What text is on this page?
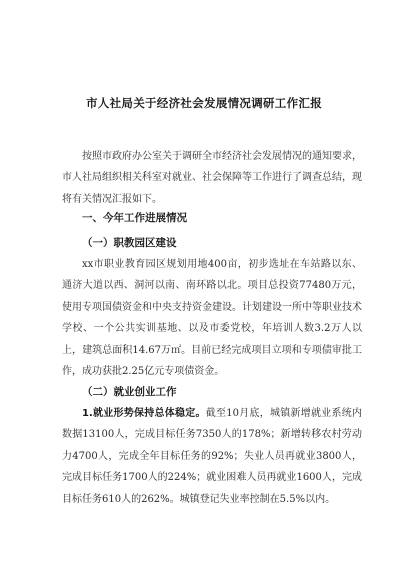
市人社局关于经济社会发展情况调研工作汇报
按照市政府办公室关于调研全市经济社会发展情况的通知要求，市人社局组织相关科室对就业、社会保障等工作进行了调查总结，现将有关情况汇报如下。
一、今年工作进展情况
（一）职教园区建设
xx市职业教育园区规划用地400亩，初步选址在车站路以东、通济大道以西、洞河以南、南环路以北。项目总投资77480万元，使用专项国债资金和中央支持资金建设。计划建设一所中等职业技术学校、一个公共实训基地、以及市委党校，年培训人数3.2万人以上，建筑总面积14.67万㎡。目前已经完成项目立项和专项债审批工作，成功获批2.25亿元专项债资金。
（二）就业创业工作
1.就业形势保持总体稳定。截至10月底，城镇新增就业系统内数据13100人，完成目标任务7350人的178%；新增转移农村劳动力4700人，完成全年目标任务的92%；失业人员再就业3800人，完成目标任务1700人的224%；就业困难人员再就业1600人，完成目标任务610人的262%。城镇登记失业率控制在5.5%以内。
